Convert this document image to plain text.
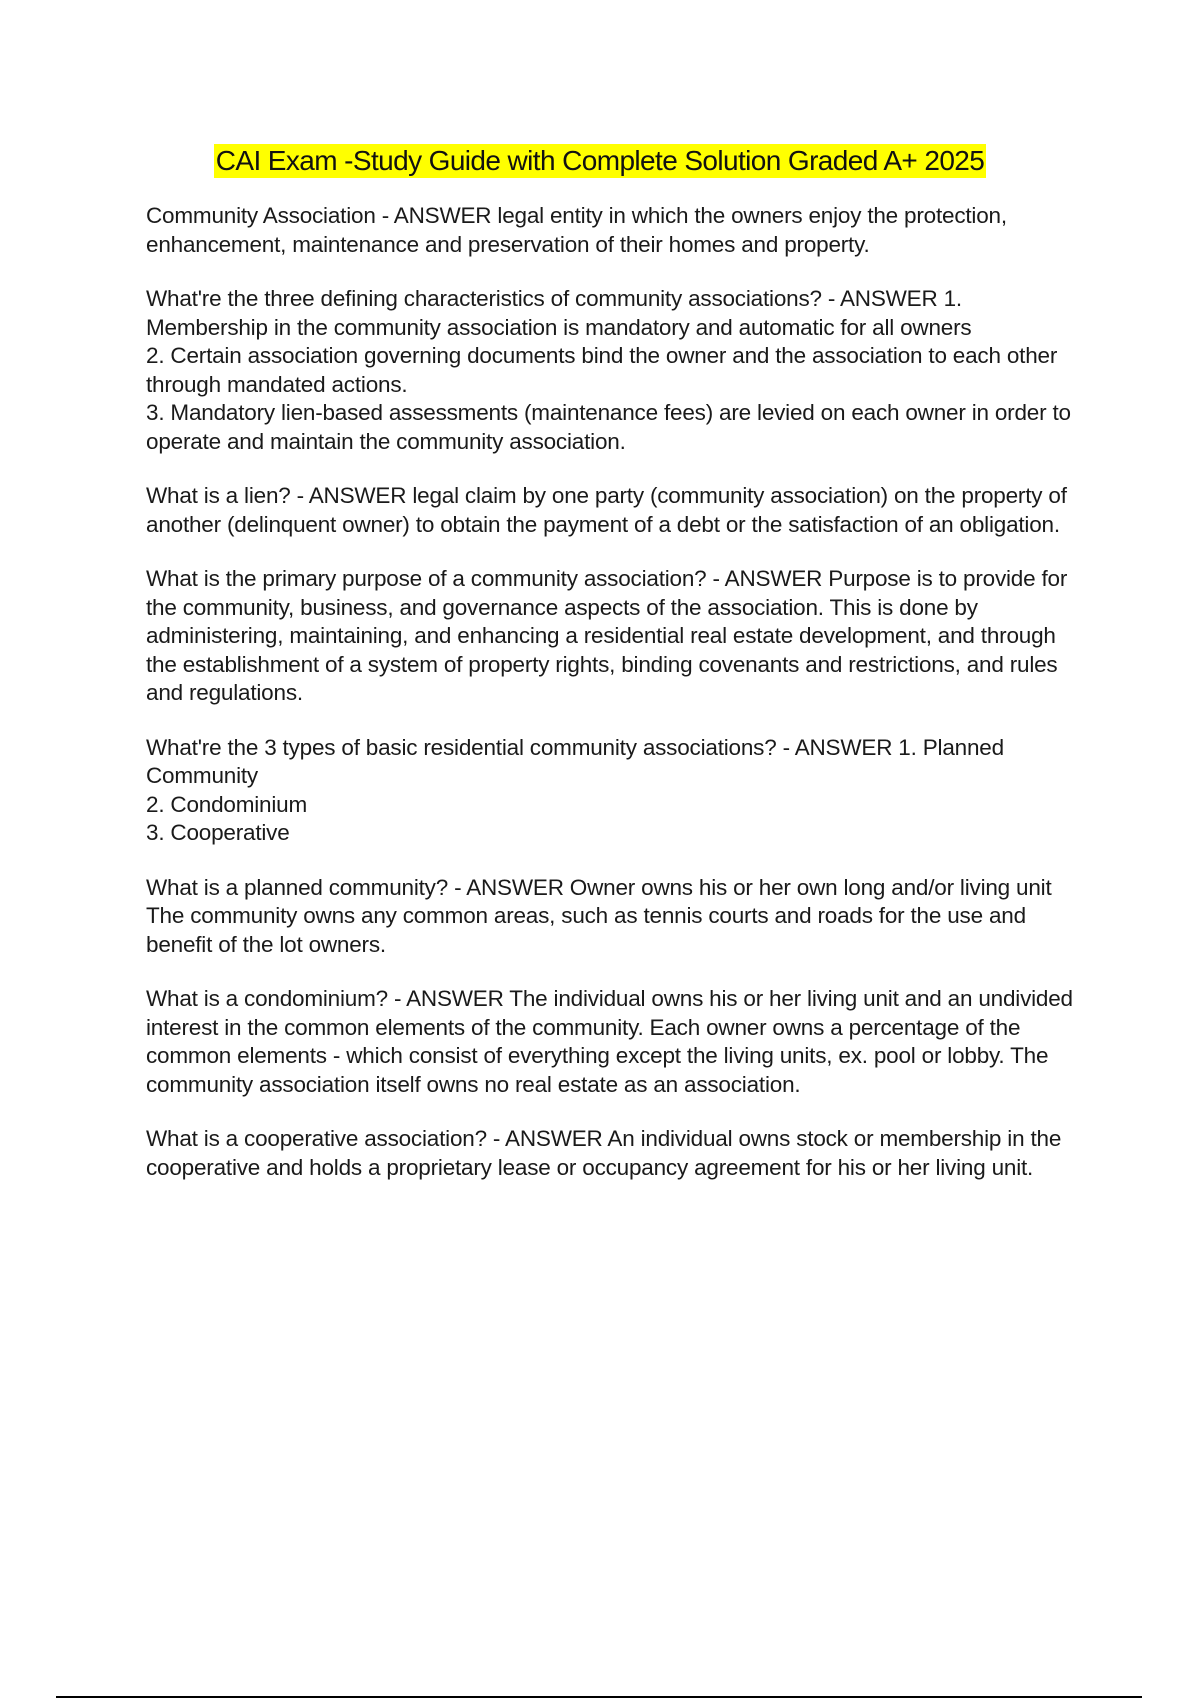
CAI Exam -Study Guide with Complete Solution Graded A+ 2025
Community Association - ANSWER legal entity in which the owners enjoy the protection, enhancement, maintenance and preservation of their homes and property.
What're the three defining characteristics of community associations? - ANSWER 1. Membership in the community association is mandatory and automatic for all owners
2. Certain association governing documents bind the owner and the association to each other through mandated actions.
3. Mandatory lien-based assessments (maintenance fees) are levied on each owner in order to operate and maintain the community association.
What is a lien? - ANSWER legal claim by one party (community association) on the property of another (delinquent owner) to obtain the payment of a debt or the satisfaction of an obligation.
What is the primary purpose of a community association? - ANSWER Purpose is to provide for the community, business, and governance aspects of the association. This is done by administering, maintaining, and enhancing a residential real estate development, and through the establishment of a system of property rights, binding covenants and restrictions, and rules and regulations.
What're the 3 types of basic residential community associations? - ANSWER 1. Planned Community
2. Condominium
3. Cooperative
What is a planned community? - ANSWER Owner owns his or her own long and/or living unit
The community owns any common areas, such as tennis courts and roads for the use and benefit of the lot owners.
What is a condominium? - ANSWER The individual owns his or her living unit and an undivided interest in the common elements of the community. Each owner owns a percentage of the common elements - which consist of everything except the living units, ex. pool or lobby. The community association itself owns no real estate as an association.
What is a cooperative association? - ANSWER An individual owns stock or membership in the cooperative and holds a proprietary lease or occupancy agreement for his or her living unit.
